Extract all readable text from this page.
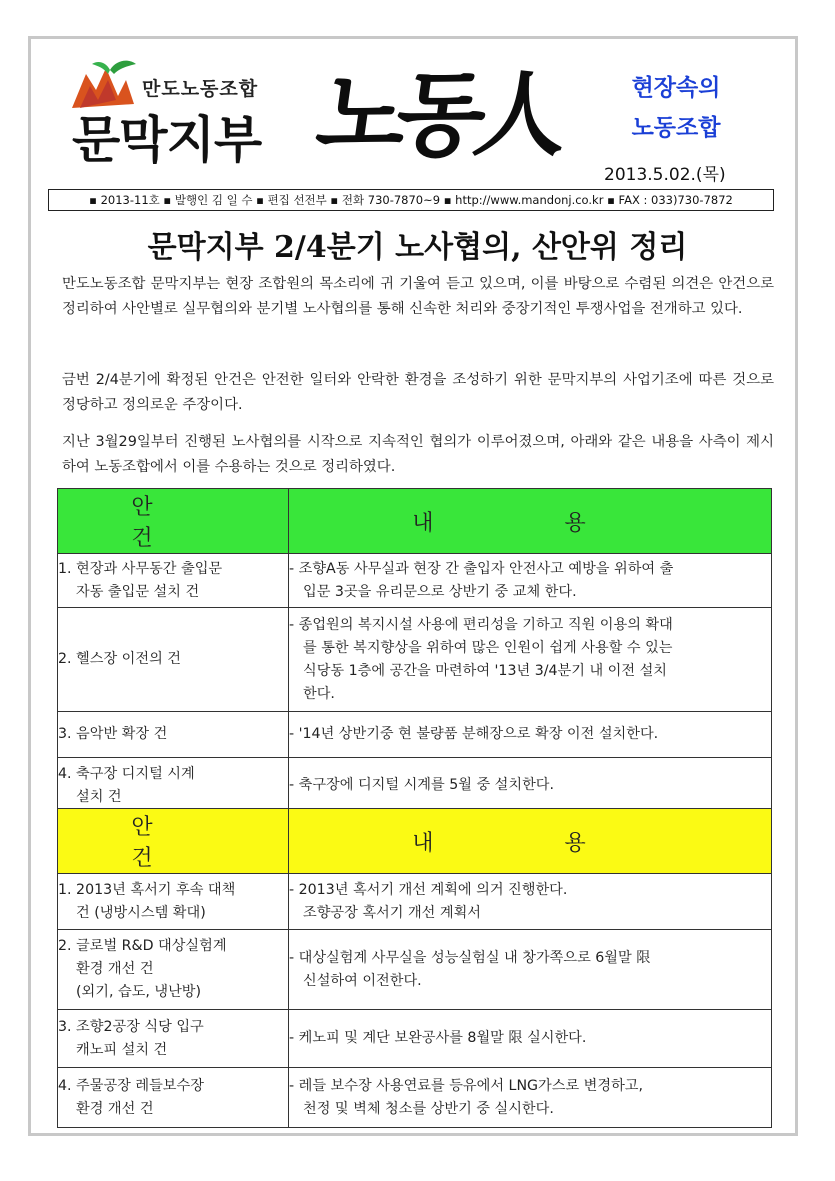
만도노동조합
문막지부 노동人	현장속의
노동조합
2013.5.02.(목)
▪ 2013-11호 ▪ 발행인 김 일 수 ▪ 편집 선전부 ▪ 전화 730-7870~9 ▪ http://www.mandonj.co.kr ▪ FAX : 033)730-7872
문막지부 2/4분기 노사협의, 산안위 정리

만도노동조합 문막지부는 현장 조합원의 목소리에 귀 기울여 듣고 있으며, 이를 바탕으로 수렴된 의견은 안건으로 정리하여 사안별로 실무협의와 분기별 노사협의를 통해 신속한 처리와 중장기적인 투쟁사업을 전개하고 있다.

금번 2/4분기에 확정된 안건은 안전한 일터와 안락한 환경을 조성하기 위한 문막지부의 사업기조에 따른 것으로 정당하고 정의로운 주장이다.

지난 3월29일부터 진행된 노사협의를 시작으로 지속적인 협의가 이루어졌으며, 아래와 같은 내용을 사측이 제시하여 노동조합에서 이를 수용하는 것으로 정리하였다.

안 건	내 용

1. 현장과 사무동간 출입문
자동 출입문 설치 건	- 조향A동 사무실과 현장 간 출입자 안전사고 예방을 위하여 출
입문 3곳을 유리문으로 상반기 중 교체 한다.

2. 헬스장 이전의 건	- 종업원의 복지시설 사용에 편리성을 기하고 직원 이용의 확대
를 통한 복지향상을 위하여 많은 인원이 쉽게 사용할 수 있는
식당동 1층에 공간을 마련하여 '13년 3/4분기 내 이전 설치
한다.

3. 음악반 확장 건	- '14년 상반기중 현 불량품 분해장으로 확장 이전 설치한다.

4. 축구장 디지털 시계
설치 건	- 축구장에 디지털 시계를 5월 중 설치한다.
안 건	내 용

1. 2013년 혹서기 후속 대책
건 (냉방시스템 확대)	- 2013년 혹서기 개선 계획에 의거 진행한다.
조향공장 혹서기 개선 계획서

2. 글로벌 R&D 대상실험계
환경 개선 건
(외기, 습도, 냉난방)	- 대상실험계 사무실을 성능실험실 내 창가쪽으로 6월말 限
신설하여 이전한다.

3. 조향2공장 식당 입구
캐노피 설치 건	- 케노피 및 계단 보완공사를 8월말 限 실시한다.

4. 주물공장 레들보수장
환경 개선 건	- 레들 보수장 사용연료를 등유에서 LNG가스로 변경하고,
천정 및 벽체 청소를 상반기 중 실시한다.
